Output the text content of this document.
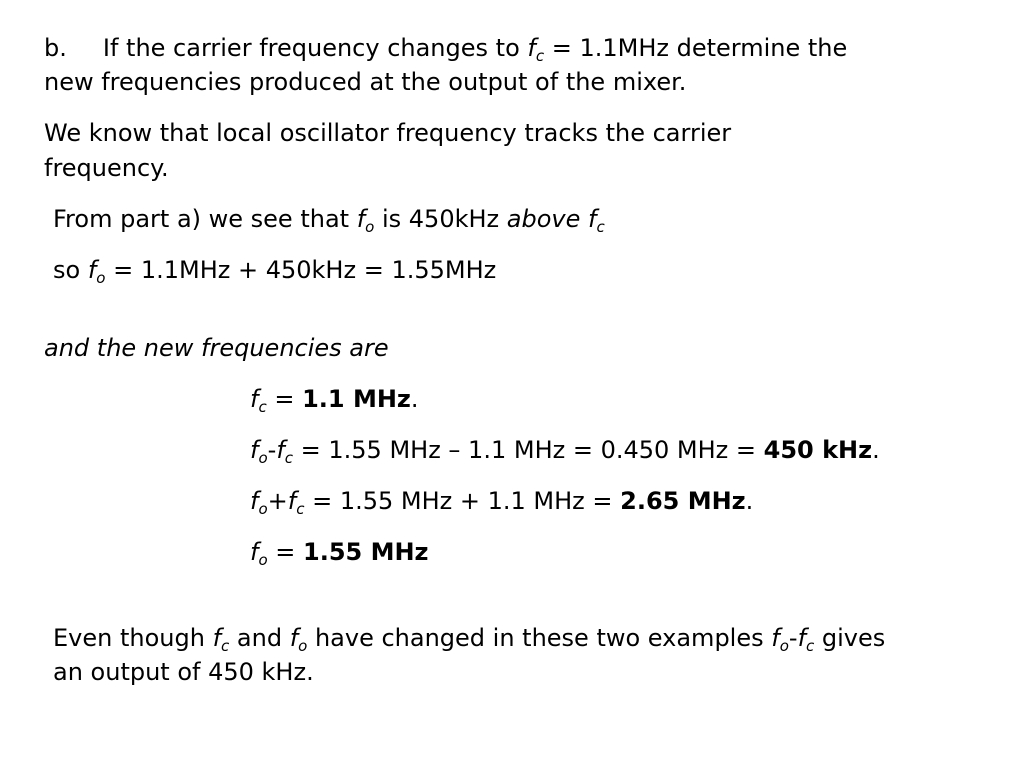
b. If the carrier frequency changes to $f_c = 1.1MHz$ determine the
new frequencies produced at the output of the mixer.
We know that local oscillator frequency tracks the carrier
frequency.
From part a) we see that $f_o$ is 450kHz above $f_c$
so $f_o = 1.1MHz + 450kHz = 1.55MHz$
and the new frequencies are
$f_c = 1.1$ MHz.
$f_o-f_c = 1.55$ MHz – 1.1 MHz = 0.450 MHz = 450 kHz.
$f_o+f_c = 1.55$ MHz + 1.1 MHz = 2.65 MHz.
$f_o = 1.55$ MHz
Even though $f_c$ and $f_o$ have changed in these two examples $f_o-f_c$ gives
an output of 450 kHz.
